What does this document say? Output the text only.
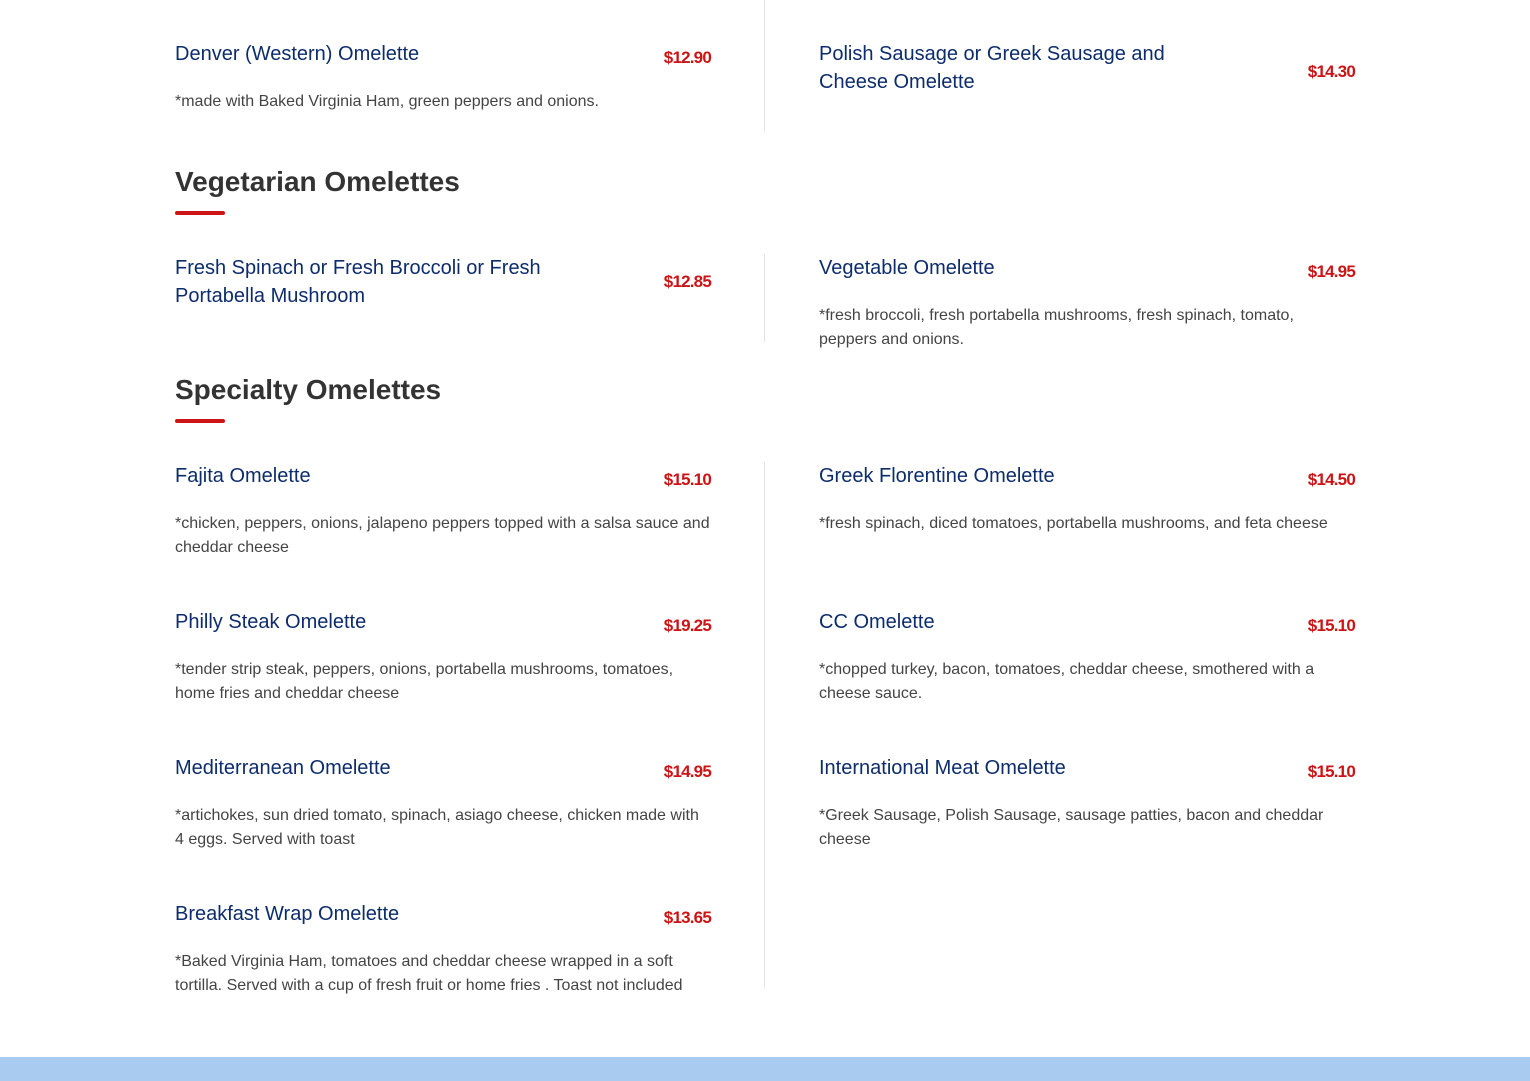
Denver (Western) Omelette	$12.90
*made with Baked Virginia Ham, green peppers and onions.
Polish Sausage or Greek Sausage and Cheese Omelette	$14.30
Vegetarian Omelettes
Fresh Spinach or Fresh Broccoli or Fresh Portabella Mushroom
$12.85
Vegetable Omelette	$14.95
*fresh broccoli, fresh portabella mushrooms, fresh spinach, tomato, peppers and onions.
Specialty Omelettes
Fajita Omelette	$15.10
*chicken, peppers, onions, jalapeno peppers topped with a salsa sauce and cheddar cheese
Philly Steak Omelette	$19.25
*tender strip steak, peppers, onions, portabella mushrooms, tomatoes, home fries and cheddar cheese
Mediterranean Omelette	$14.95
*artichokes, sun dried tomato, spinach, asiago cheese, chicken made with 4 eggs. Served with toast
Breakfast Wrap Omelette	$13.65
*Baked Virginia Ham, tomatoes and cheddar cheese wrapped in a soft tortilla. Served with a cup of fresh fruit or home fries . Toast not included
Greek Florentine Omelette	$14.50
*fresh spinach, diced tomatoes, portabella mushrooms, and feta cheese
CC Omelette	$15.10
*chopped turkey, bacon, tomatoes, cheddar cheese, smothered with a cheese sauce.
International Meat Omelette	$15.10
*Greek Sausage, Polish Sausage, sausage patties, bacon and cheddar cheese
